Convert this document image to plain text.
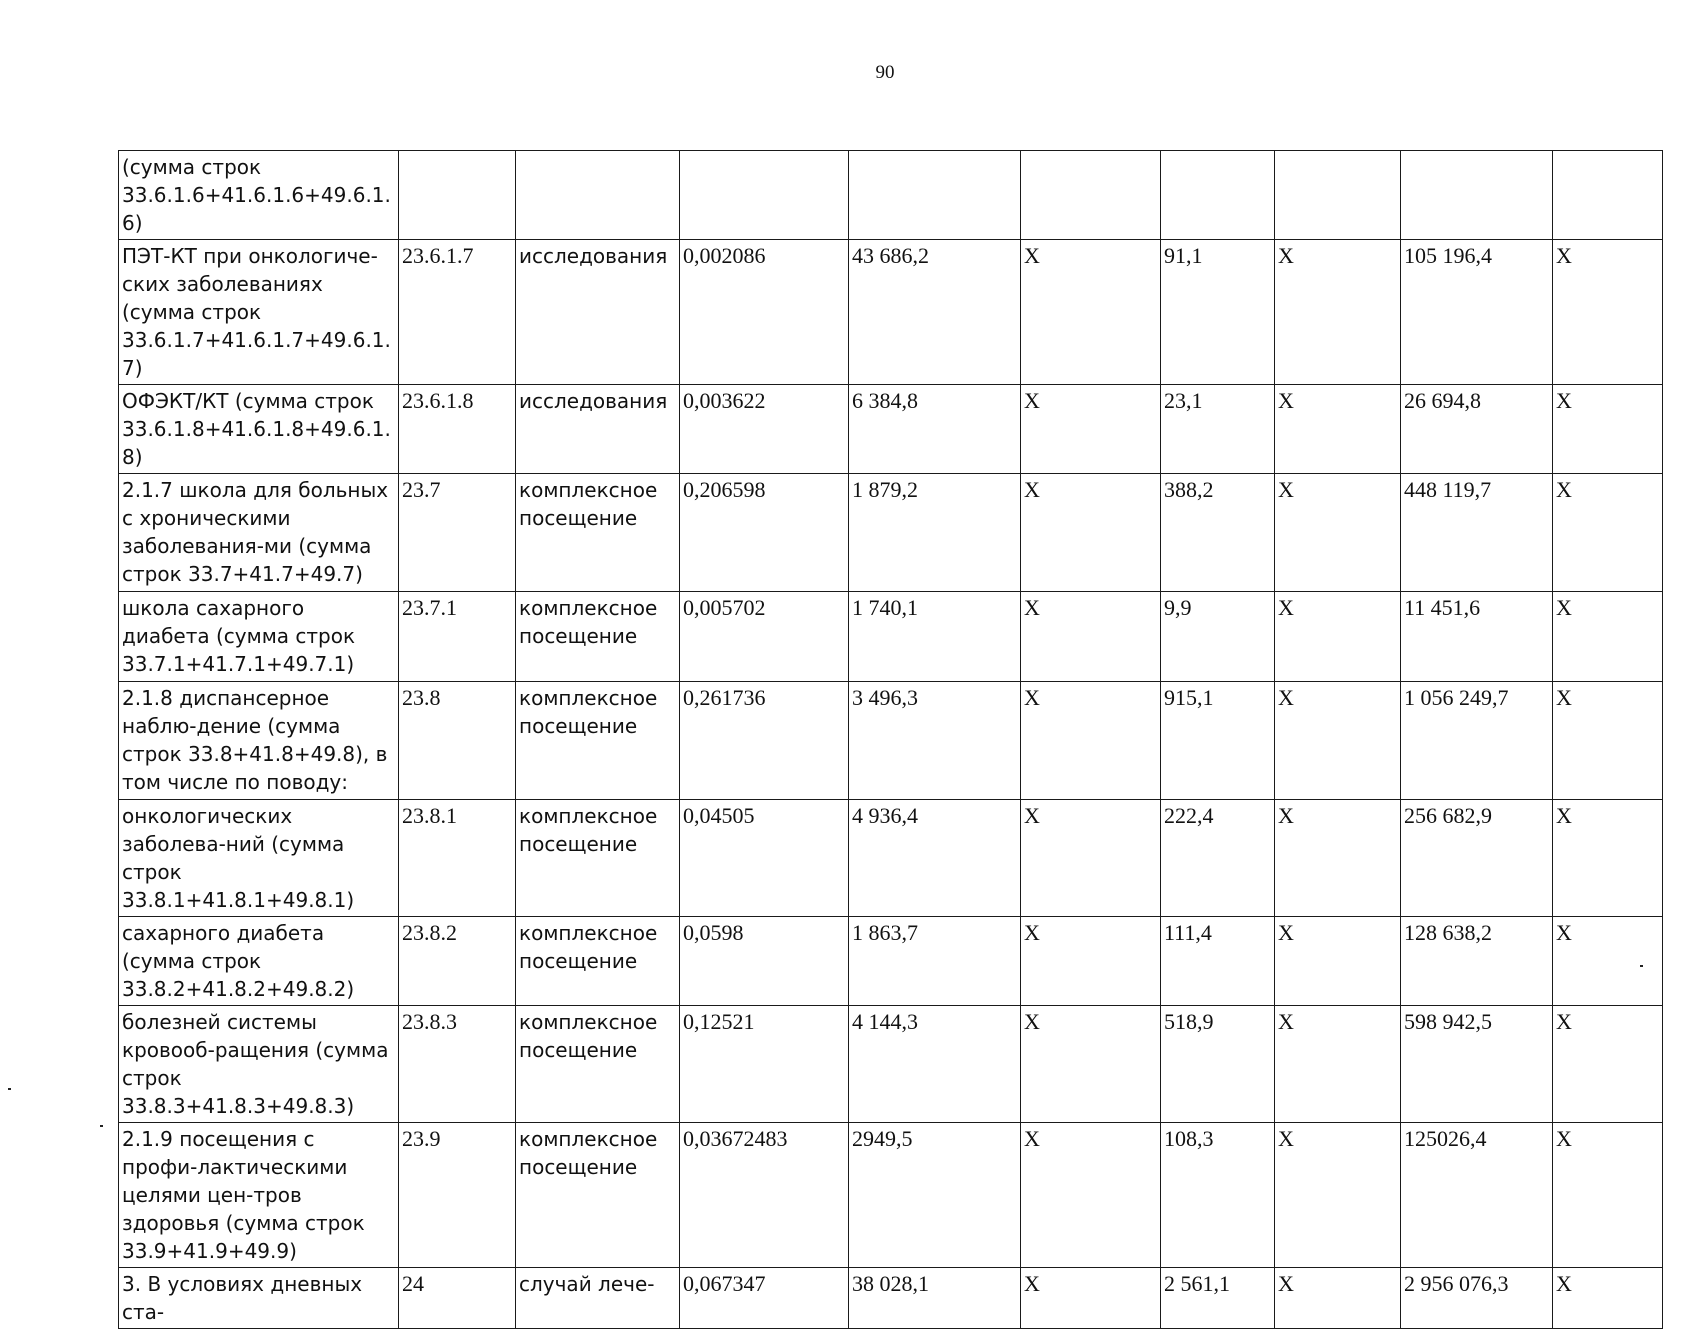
90
(сумма строк 33.6.1.6+41.6.1.6+49.6.1.6)									
ПЭТ-КТ при онкологиче-ских заболеваниях (сумма строк 33.6.1.7+41.6.1.7+49.6.1.7)	23.6.1.7	исследования	0,002086	43 686,2	X	91,1	X	105 196,4	X
ОФЭКТ/КТ (сумма строк 33.6.1.8+41.6.1.8+49.6.1.8)	23.6.1.8	исследования	0,003622	6 384,8	X	23,1	X	26 694,8	X
2.1.7 школа для больных с хроническими заболевания-ми (сумма строк 33.7+41.7+49.7)	23.7	комплексное посещение	0,206598	1 879,2	X	388,2	X	448 119,7	X
школа сахарного диабета (сумма строк 33.7.1+41.7.1+49.7.1)	23.7.1	комплексное посещение	0,005702	1 740,1	X	9,9	X	11 451,6	X
2.1.8 диспансерное наблю-дение (сумма строк 33.8+41.8+49.8), в том числе по поводу:	23.8	комплексное посещение	0,261736	3 496,3	X	915,1	X	1 056 249,7	X
онкологических заболева-ний (сумма строк 33.8.1+41.8.1+49.8.1)	23.8.1	комплексное посещение	0,04505	4 936,4	X	222,4	X	256 682,9	X
сахарного диабета (сумма строк 33.8.2+41.8.2+49.8.2)	23.8.2	комплексное посещение	0,0598	1 863,7	X	111,4	X	128 638,2	X
болезней системы кровооб-ращения (сумма строк 33.8.3+41.8.3+49.8.3)	23.8.3	комплексное посещение	0,12521	4 144,3	X	518,9	X	598 942,5	X
2.1.9 посещения с профи-лактическими целями цен-тров здоровья (сумма строк 33.9+41.9+49.9)	23.9	комплексное посещение	0,03672483	2949,5	X	108,3	X	125026,4	X
3. В условиях дневных ста-	24	случай лече-	0,067347	38 028,1	X	2 561,1	X	2 956 076,3	X
